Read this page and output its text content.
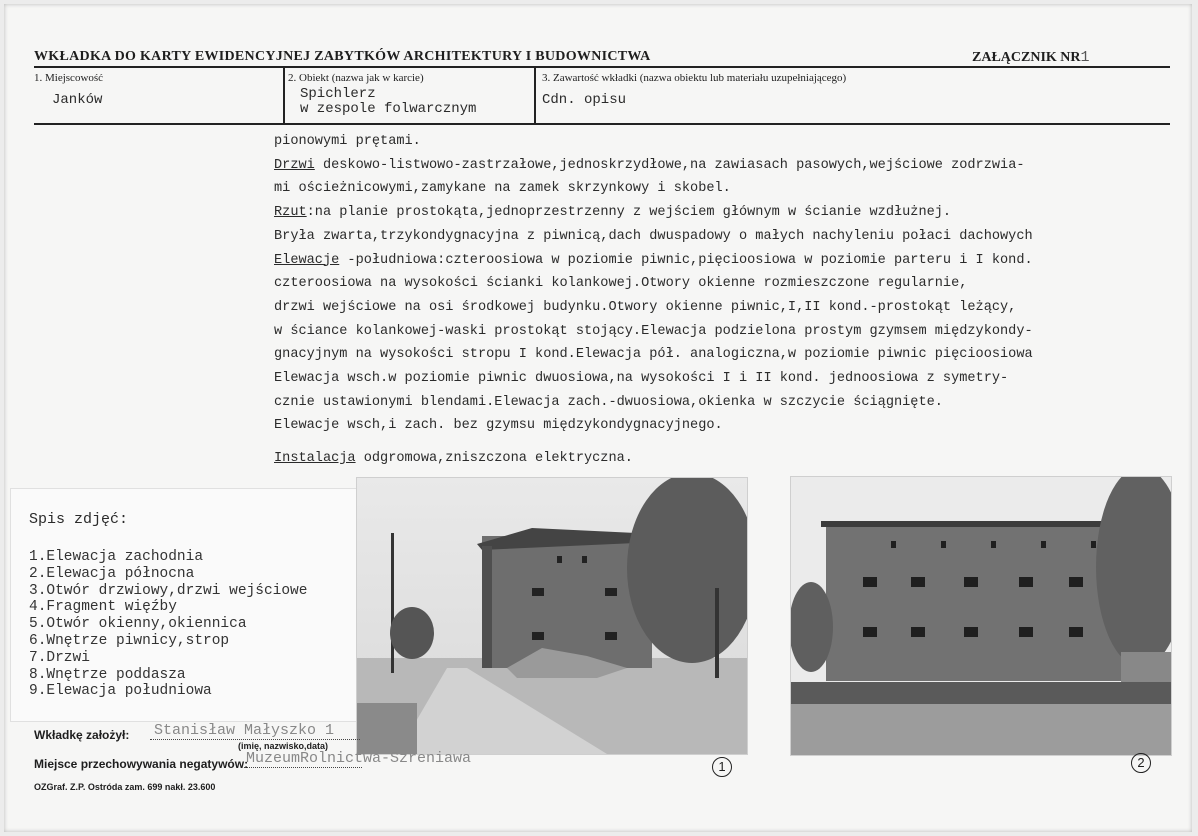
WKŁADKA DO KARTY EWIDENCYJNEJ ZABYTKÓW ARCHITEKTURY I BUDOWNICTWA	ZAŁĄCZNIK NR1
1. Miejscowość
Janków
2. Obiekt (nazwa jak w karcie)
Spichlerz
w zespole folwarcznym
3. Zawartość wkładki (nazwa obiektu lub materiału uzupełniającego)
Cdn. opisu
pionowymi prętami.
Drzwi deskowo-listwowo-zastrzałowe,jednoskrzydłowe,na zawiasach pasowych,wejściowe zodrzwia-
mi ościeżnicowymi,zamykane na zamek skrzynkowy i skobel.
Rzut:na planie prostokąta,jednoprzestrzenny z wejściem głównym w ścianie wzdłużnej.
Bryła zwarta,trzykondygnacyjna z piwnicą,dach dwuspadowy o małych nachyleniu połaci dachowych
Elewacje -południowa:czteroosiowa w poziomie piwnic,pięcioosiowa w poziomie parteru i I kond.
czteroosiowa na wysokości ścianki kolankowej.Otwory okienne rozmieszczone regularnie,
drzwi wejściowe na osi środkowej budynku.Otwory okienne piwnic,I,II kond.-prostokąt leżący,
w ściance kolankowej-waski prostokąt stojący.Elewacja podzielona prostym gzymsem międzykondy-
gnacyjnym na wysokości stropu I kond.Elewacja pół. analogiczna,w poziomie piwnic pięcioosiowa
Elewacja wsch.w poziomie piwnic dwuosiowa,na wysokości I i II kond. jednoosiowa z symetry-
cznie ustawionymi blendami.Elewacja zach.-dwuosiowa,okienka w szczycie ściągnięte.
Elewacje wsch,i zach. bez gzymsu międzykondygnacyjnego.
Instalacja odgromowa,zniszczona elektryczna.
Spis zdjęć:
1.Elewacja zachodnia
2.Elewacja północna
3.Otwór drzwiowy,drzwi wejściowe
4.Fragment więźby
5.Otwór okienny,okiennica
6.Wnętrze piwnicy,strop
7.Drzwi
8.Wnętrze poddasza
9.Elewacja południowa
1	2
Wkładkę założył: Stanisław Małyszko 1
(imię, nazwisko,data)
Miejsce przechowywania negatywów:
MuzeumRolnictwa-Szreniawa
OZGraf. Z.P. Ostróda zam. 699 nakł. 23.600
